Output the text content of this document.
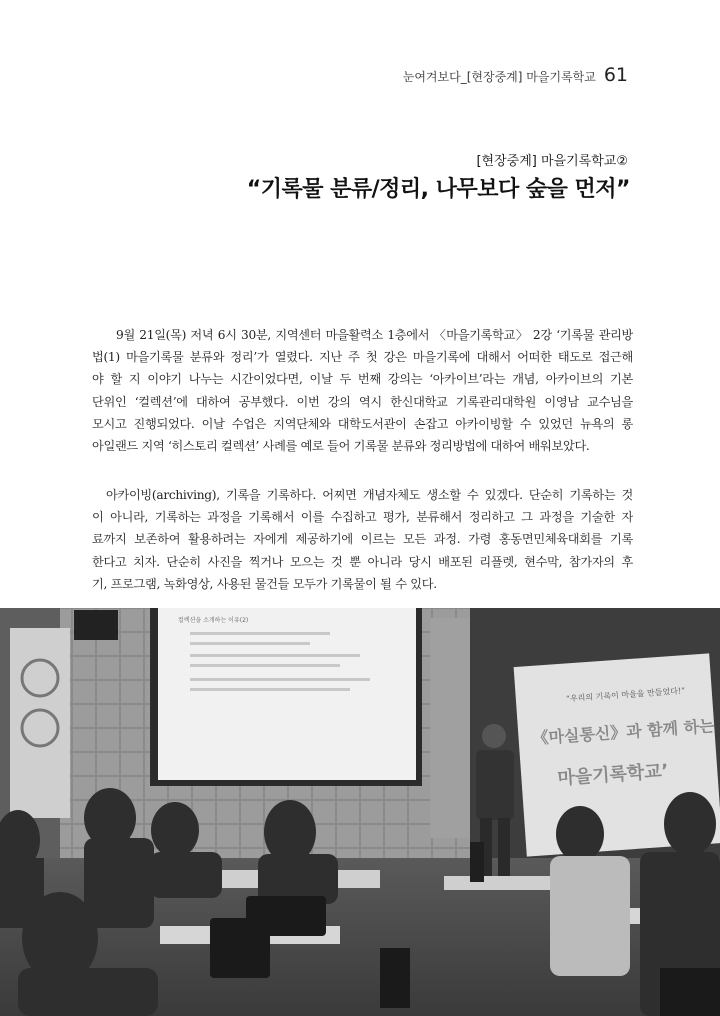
눈여겨보다_[현장중계] 마을기록학교 61
[현장중계] 마을기록학교②
“기록물 분류/정리, 나무보다 숲을 먼저”

9월 21일(목) 저녁 6시 30분, 지역센터 마을활력소 1층에서 〈마을기록학교〉 2강 ‘기록물 관리방
법(1) 마을기록물 분류와 정리’가 열렸다. 지난 주 첫 강은 마을기록에 대해서 어떠한 태도로 접근해
야 할 지 이야기 나누는 시간이었다면, 이날 두 번째 강의는 ‘아카이브’라는 개념, 아카이브의 기본
단위인 ‘컬렉션’에 대하여 공부했다. 이번 강의 역시 한신대학교 기록관리대학원 이영남 교수님을
모시고 진행되었다. 이날 수업은 지역단체와 대학도서관이 손잡고 아카이빙할 수 있었던 뉴욕의 롱
아일랜드 지역 ‘히스토리 컬렉션’ 사례를 예로 들어 기록물 분류와 정리방법에 대하여 배워보았다.

아카이빙(archiving), 기록을 기록하다. 어찌면 개념자체도 생소할 수 있겠다. 단순히 기록하는 것
이 아니라, 기록하는 과정을 기록해서 이를 수집하고 평가, 분류해서 정리하고 그 과정을 기술한 자
료까지 보존하여 활용하려는 자에게 제공하기에 이르는 모든 과정. 가령 홍동면민체육대회를 기록
한다고 치자. 단순히 사진을 찍거나 모으는 것 뿐 아니라 당시 배포된 리플렛, 현수막, 참가자의 후
기, 프로그램, 녹화영상, 사용된 물건들 모두가 기록물이 될 수 있다.

컬렉션을 소개하는 이유(2)
“우리의 기록이 마을을 만들었다!”
《마실통신》과 함께 하는
마을기록학교’
